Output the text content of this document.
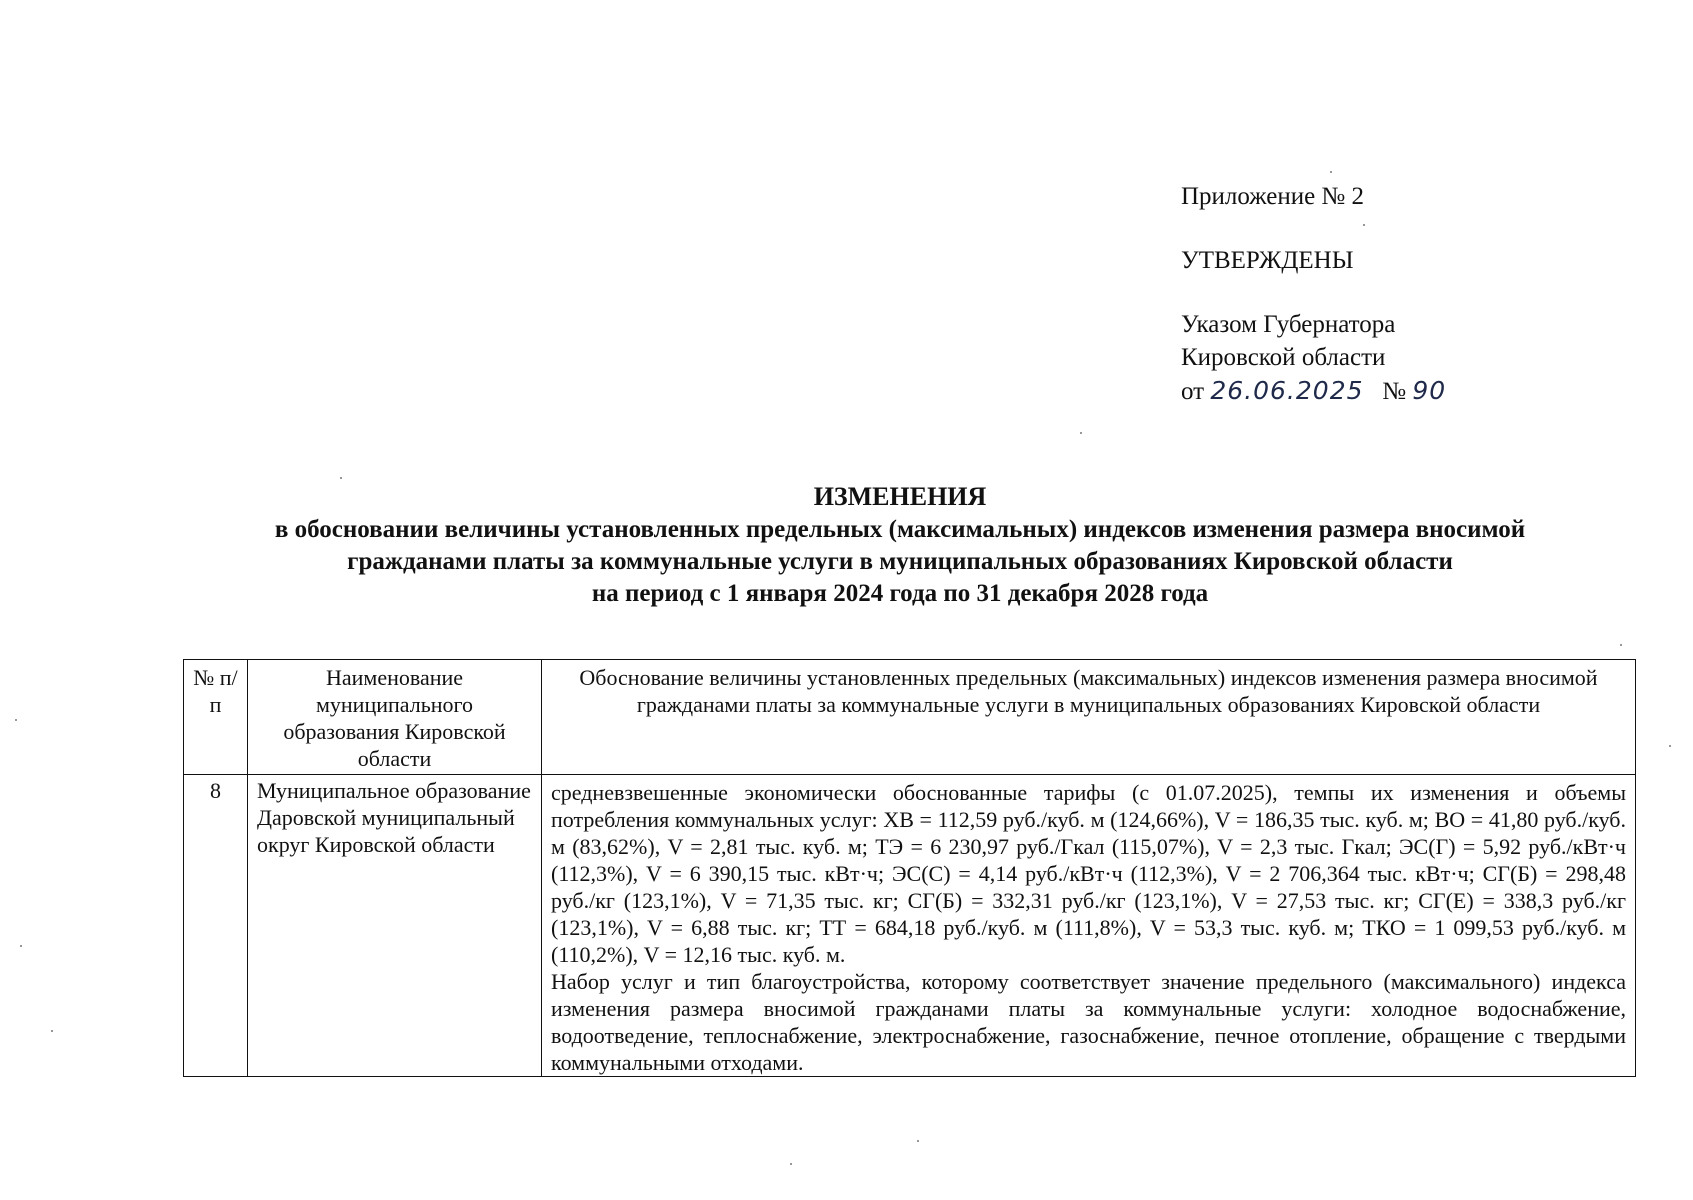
Приложение № 2
УТВЕРЖДЕНЫ
Указом Губернатора
Кировской области
от 26.06.2025 № 90
ИЗМЕНЕНИЯ
в обосновании величины установленных предельных (максимальных) индексов изменения размера вносимой
гражданами платы за коммунальные услуги в муниципальных образованиях Кировской области
на период с 1 января 2024 года по 31 декабря 2028 года
№ п/п	Наименование муниципального образования Кировской области	Обоснование величины установленных предельных (максимальных) индексов изменения размера вносимой гражданами платы за коммунальные услуги в муниципальных образованиях Кировской области
8	Муниципальное образование Даровской муниципальный округ Кировской области	средневзвешенные экономически обоснованные тарифы (с 01.07.2025), темпы их изменения и объемы потребления коммунальных услуг: ХВ = 112,59 руб./куб. м (124,66%), V = 186,35 тыс. куб. м; ВО = 41,80 руб./куб. м (83,62%), V = 2,81 тыс. куб. м; ТЭ = 6 230,97 руб./Гкал (115,07%), V = 2,3 тыс. Гкал; ЭС(Г) = 5,92 руб./кВт·ч (112,3%), V = 6 390,15 тыс. кВт·ч; ЭС(С) = 4,14 руб./кВт·ч (112,3%), V = 2 706,364 тыс. кВт·ч; СГ(Б) = 298,48 руб./кг (123,1%), V = 71,35 тыс. кг; СГ(Б) = 332,31 руб./кг (123,1%), V = 27,53 тыс. кг; СГ(Е) = 338,3 руб./кг (123,1%), V = 6,88 тыс. кг; ТТ = 684,18 руб./куб. м (111,8%), V = 53,3 тыс. куб. м; ТКО = 1 099,53 руб./куб. м (110,2%), V = 12,16 тыс. куб. м.
Набор услуг и тип благоустройства, которому соответствует значение предельного (максимального) индекса изменения размера вносимой гражданами платы за коммунальные услуги: холодное водоснабжение, водоотведение, теплоснабжение, электроснабжение, газоснабжение, печное отопление, обращение с твердыми коммунальными отходами.
